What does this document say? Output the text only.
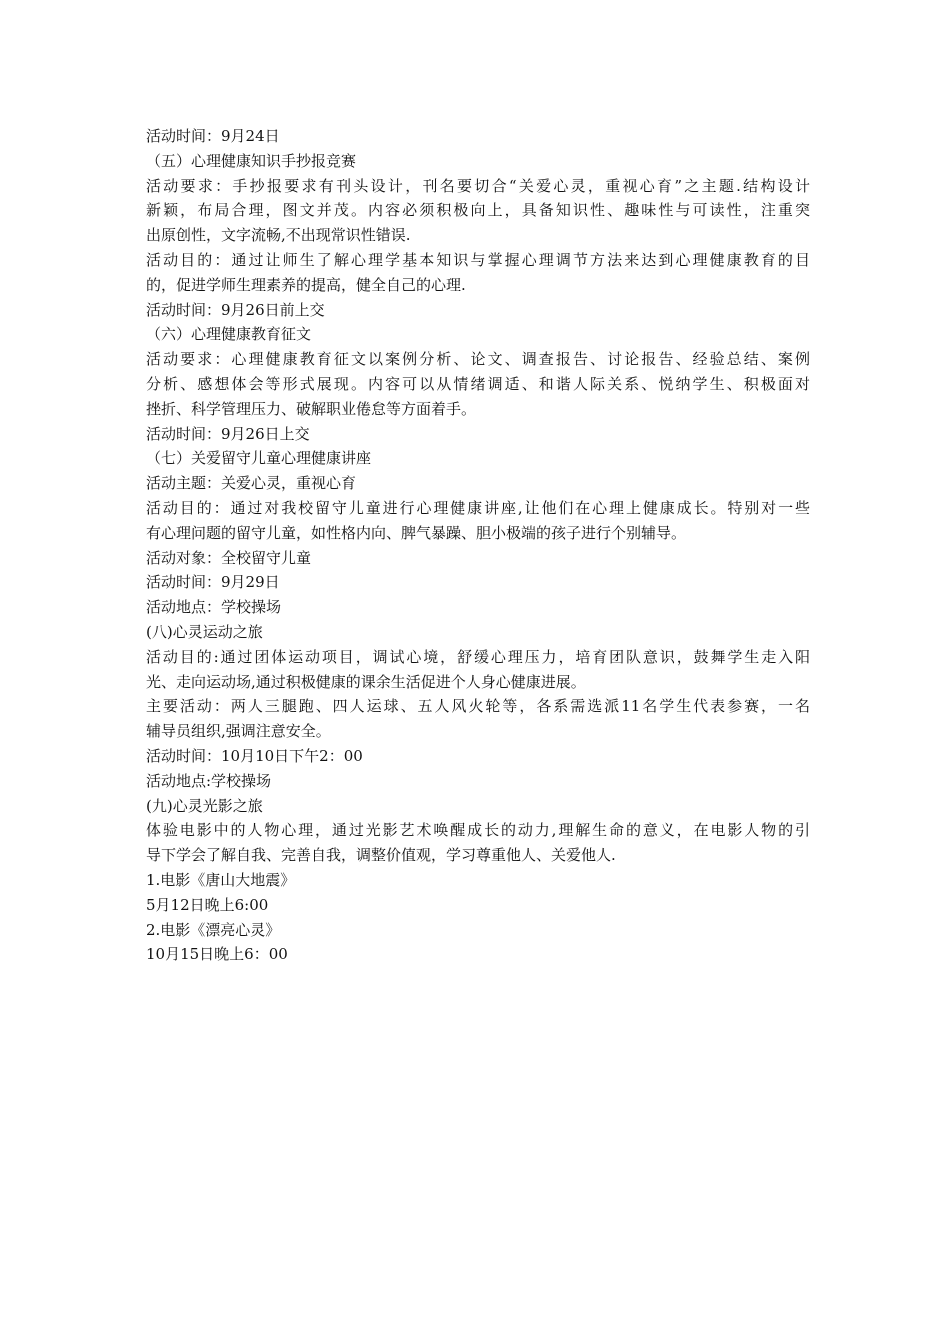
活动时间：9月24日
（五）心理健康知识手抄报竞赛
活动要求：手抄报要求有刊头设计，刊名要切合“关爱心灵，重视心育”之主题.结构设计
新颖，布局合理，图文并茂。内容必须积极向上，具备知识性、趣味性与可读性，注重突
出原创性，文字流畅,不出现常识性错误.
活动目的：通过让师生了解心理学基本知识与掌握心理调节方法来达到心理健康教育的目
的，促进学师生理素养的提高，健全自己的心理.
活动时间：9月26日前上交
（六）心理健康教育征文
活动要求：心理健康教育征文以案例分析、论文、调查报告、讨论报告、经验总结、案例
分析、感想体会等形式展现。内容可以从情绪调适、和谐人际关系、悦纳学生、积极面对
挫折、科学管理压力、破解职业倦怠等方面着手。
活动时间：9月26日上交
（七）关爱留守儿童心理健康讲座
活动主题：关爱心灵，重视心育
活动目的：通过对我校留守儿童进行心理健康讲座,让他们在心理上健康成长。特别对一些
有心理问题的留守儿童，如性格内向、脾气暴躁、胆小极端的孩子进行个别辅导。
活动对象：全校留守儿童
活动时间：9月29日
活动地点：学校操场
(八)心灵运动之旅
活动目的:通过团体运动项目，调试心境，舒缓心理压力，培育团队意识，鼓舞学生走入阳
光、走向运动场,通过积极健康的课余生活促进个人身心健康进展。
主要活动：两人三腿跑、四人运球、五人风火轮等，各系需选派11名学生代表参赛，一名
辅导员组织,强调注意安全。
活动时间：10月10日下午2：00
活动地点:学校操场
(九)心灵光影之旅
体验电影中的人物心理，通过光影艺术唤醒成长的动力,理解生命的意义，在电影人物的引
导下学会了解自我、完善自我，调整价值观，学习尊重他人、关爱他人.
1.电影《唐山大地震》
5月12日晚上6:00
2.电影《漂亮心灵》
10月15日晚上6：00
